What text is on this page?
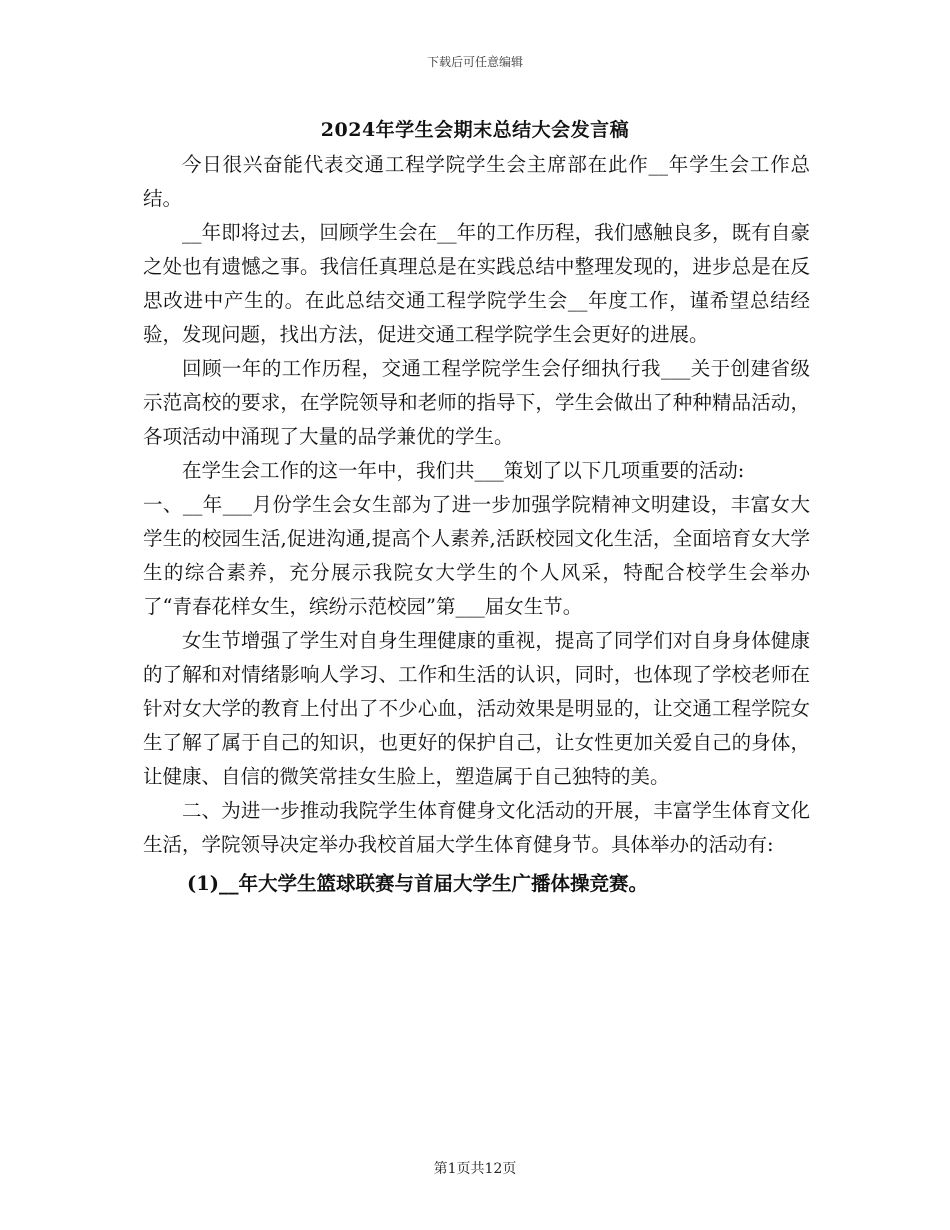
下载后可任意编辑
2024年学生会期末总结大会发言稿

今日很兴奋能代表交通工程学院学生会主席部在此作__年学生会工作总结。

__年即将过去，回顾学生会在__年的工作历程，我们感触良多，既有自豪之处也有遗憾之事。我信任真理总是在实践总结中整理发现的，进步总是在反思改进中产生的。在此总结交通工程学院学生会__年度工作，谨希望总结经验，发现问题，找出方法，促进交通工程学院学生会更好的进展。

回顾一年的工作历程，交通工程学院学生会仔细执行我___关于创建省级示范高校的要求，在学院领导和老师的指导下，学生会做出了种种精品活动，各项活动中涌现了大量的品学兼优的学生。

在学生会工作的这一年中，我们共___策划了以下几项重要的活动:

一、__年___月份学生会女生部为了进一步加强学院精神文明建设，丰富女大学生的校园生活,促进沟通,提高个人素养,活跃校园文化生活，全面培育女大学生的综合素养，充分展示我院女大学生的个人风采，特配合校学生会举办了“青春花样女生，缤纷示范校园”第___届女生节。

女生节增强了学生对自身生理健康的重视，提高了同学们对自身身体健康的了解和对情绪影响人学习、工作和生活的认识，同时，也体现了学校老师在针对女大学的教育上付出了不少心血，活动效果是明显的，让交通工程学院女生了解了属于自己的知识，也更好的保护自己，让女性更加关爱自己的身体，让健康、自信的微笑常挂女生脸上，塑造属于自己独特的美。

二、为进一步推动我院学生体育健身文化活动的开展，丰富学生体育文化生活，学院领导决定举办我校首届大学生体育健身节。具体举办的活动有:

(1)__年大学生篮球联赛与首届大学生广播体操竞赛。
第1页共12页
